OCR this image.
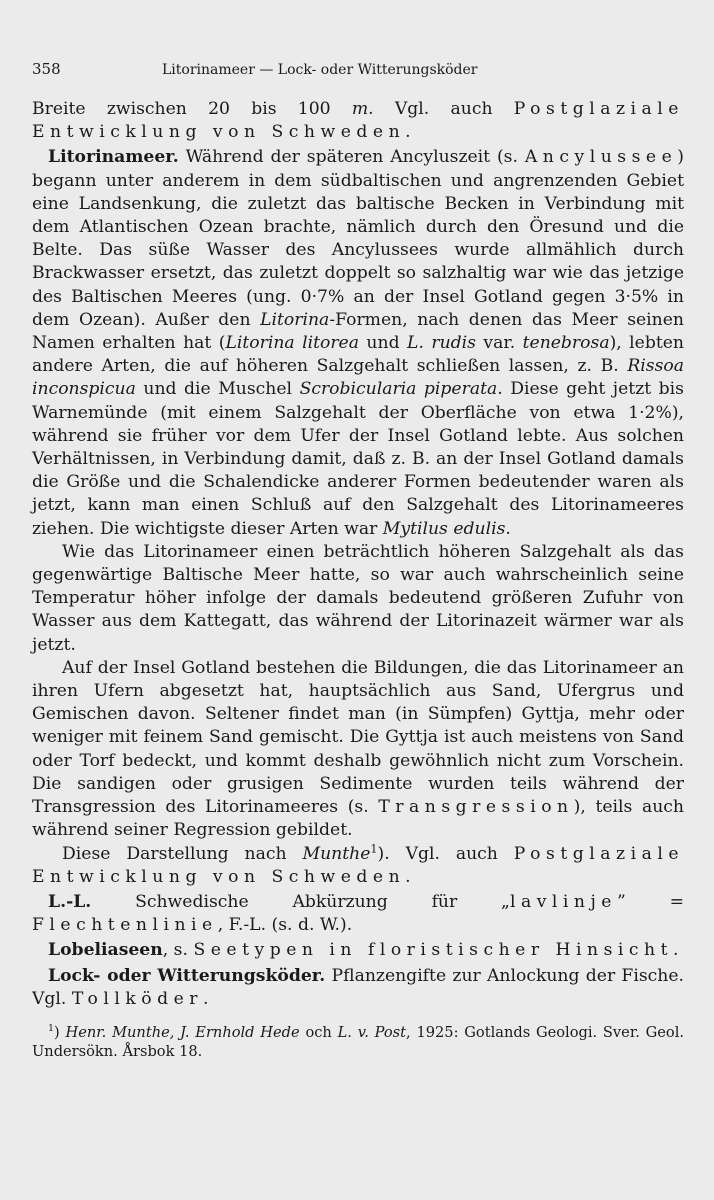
358	Litorinameer — Lock- oder Witterungsköder

Breite zwischen 20 bis 100 m. Vgl. auch Postglaziale Entwicklung von Schweden.

Litorinameer. Während der späteren Ancyluszeit (s. Ancylussee) begann unter anderem in dem südbaltischen und angrenzenden Gebiet eine Landsenkung, die zuletzt das baltische Becken in Verbindung mit dem Atlantischen Ozean brachte, nämlich durch den Öresund und die Belte. Das süße Wasser des Ancylussees wurde allmählich durch Brackwasser ersetzt, das zuletzt doppelt so salzhaltig war wie das jetzige des Baltischen Meeres (ung. 0·7% an der Insel Gotland gegen 3·5% in dem Ozean). Außer den Litorina-Formen, nach denen das Meer seinen Namen erhalten hat (Litorina litorea und L. rudis var. tenebrosa), lebten andere Arten, die auf höheren Salzgehalt schließen lassen, z. B. Rissoa inconspicua und die Muschel Scrobicularia piperata. Diese geht jetzt bis Warnemünde (mit einem Salzgehalt der Oberfläche von etwa 1·2%), während sie früher vor dem Ufer der Insel Gotland lebte. Aus solchen Verhältnissen, in Verbindung damit, daß z. B. an der Insel Gotland damals die Größe und die Schalendicke anderer Formen bedeutender waren als jetzt, kann man einen Schluß auf den Salzgehalt des Litorinameeres ziehen. Die wichtigste dieser Arten war Mytilus edulis.

Wie das Litorinameer einen beträchtlich höheren Salzgehalt als das gegenwärtige Baltische Meer hatte, so war auch wahrscheinlich seine Temperatur höher infolge der damals bedeutend größeren Zufuhr von Wasser aus dem Kattegatt, das während der Litorinazeit wärmer war als jetzt.

Auf der Insel Gotland bestehen die Bildungen, die das Litorinameer an ihren Ufern abgesetzt hat, hauptsächlich aus Sand, Ufergrus und Gemischen davon. Seltener findet man (in Sümpfen) Gyttja, mehr oder weniger mit feinem Sand gemischt. Die Gyttja ist auch meistens von Sand oder Torf bedeckt, und kommt deshalb gewöhnlich nicht zum Vorschein. Die sandigen oder grusigen Sedimente wurden teils während der Transgression des Litorinameeres (s. Transgression), teils auch während seiner Regression gebildet.

Diese Darstellung nach Munthe$^1$). Vgl. auch Postglaziale Entwicklung von Schweden.

L.-L. Schwedische Abkürzung für „lavlinje” = Flechtenlinie, F.-L. (s. d. W.).

Lobeliaseen, s. Seetypen in floristischer Hinsicht.

Lock- oder Witterungsköder. Pflanzengifte zur Anlockung der Fische. Vgl. Tollköder.

$^1$) Henr. Munthe, J. Ernhold Hede och L. v. Post, 1925: Gotlands Geologi. Sver. Geol. Undersökn. Årsbok 18.
